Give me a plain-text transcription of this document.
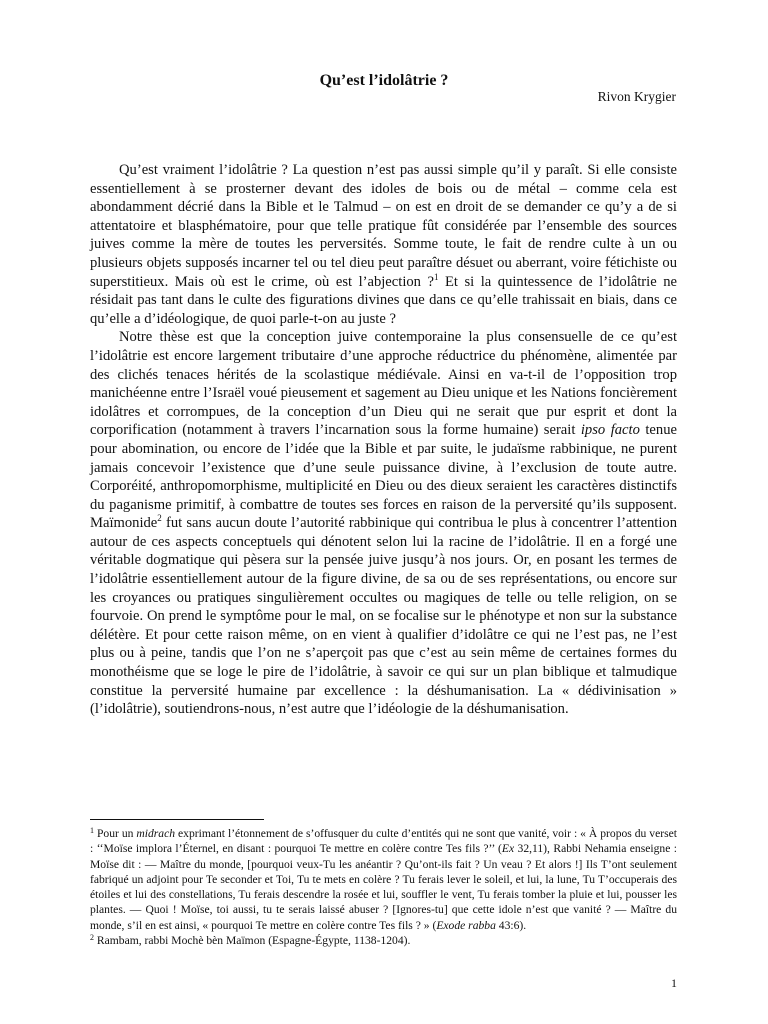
Qu’est l’idolâtrie ?
Rivon Krygier

Qu’est vraiment l’idolâtrie ? La question n’est pas aussi simple qu’il y paraît. Si elle consiste essentiellement à se prosterner devant des idoles de bois ou de métal – comme cela est abondamment décrié dans la Bible et le Talmud – on est en droit de se demander ce qu’y a de si attentatoire et blasphématoire, pour que telle pratique fût considérée par l’ensemble des sources juives comme la mère de toutes les perversités. Somme toute, le fait de rendre culte à un ou plusieurs objets supposés incarner tel ou tel dieu peut paraître désuet ou aberrant, voire fétichiste ou superstitieux. Mais où est le crime, où est l’abjection ?$^1$ Et si la quintessence de l’idolâtrie ne résidait pas tant dans le culte des figurations divines que dans ce qu’elle trahissait en biais, dans ce qu’elle a d’idéologique, de quoi parle-t-on au juste ?

Notre thèse est que la conception juive contemporaine la plus consensuelle de ce qu’est l’idolâtrie est encore largement tributaire d’une approche réductrice du phénomène, alimentée par des clichés tenaces hérités de la scolastique médiévale. Ainsi en va-t-il de l’opposition trop manichéenne entre l’Israël voué pieusement et sagement au Dieu unique et les Nations foncièrement idolâtres et corrompues, de la conception d’un Dieu qui ne serait que pur esprit et dont la corporification (notamment à travers l’incarnation sous la forme humaine) serait ipso facto tenue pour abomination, ou encore de l’idée que la Bible et par suite, le judaïsme rabbinique, ne purent jamais concevoir l’existence que d’une seule puissance divine, à l’exclusion de toute autre. Corporéité, anthropomorphisme, multiplicité en Dieu ou des dieux seraient les caractères distinctifs du paganisme primitif, à combattre de toutes ses forces en raison de la perversité qu’ils supposent. Maïmonide$^2$ fut sans aucun doute l’autorité rabbinique qui contribua le plus à concentrer l’attention autour de ces aspects conceptuels qui dénotent selon lui la racine de l’idolâtrie. Il en a forgé une véritable dogmatique qui pèsera sur la pensée juive jusqu’à nos jours. Or, en posant les termes de l’idolâtrie essentiellement autour de la figure divine, de sa ou de ses représentations, ou encore sur les croyances ou pratiques singulièrement occultes ou magiques de telle ou telle religion, on se fourvoie. On prend le symptôme pour le mal, on se focalise sur le phénotype et non sur la substance délétère. Et pour cette raison même, on en vient à qualifier d’idolâtre ce qui ne l’est pas, ne l’est plus ou à peine, tandis que l’on ne s’aperçoit pas que c’est au sein même de certaines formes du monothéisme que se loge le pire de l’idolâtrie, à savoir ce qui sur un plan biblique et talmudique constitue la perversité humaine par excellence : la déshumanisation. La « dédivinisation » (l’idolâtrie), soutiendrons-nous, n’est autre que l’idéologie de la déshumanisation.

$^1$ Pour un midrach exprimant l’étonnement de s’offusquer du culte d’entités qui ne sont que vanité, voir : « À propos du verset : ‘‘Moïse implora l’Éternel, en disant : pourquoi Te mettre en colère contre Tes fils ?’’ (Ex 32,11), Rabbi Nehamia enseigne : Moïse dit : — Maître du monde, [pourquoi veux-Tu les anéantir ? Qu’ont-ils fait ? Un veau ? Et alors !] Ils T’ont seulement fabriqué un adjoint pour Te seconder et Toi, Tu te mets en colère ? Tu ferais lever le soleil, et lui, la lune, Tu T’occuperais des étoiles et lui des constellations, Tu ferais descendre la rosée et lui, souffler le vent, Tu ferais tomber la pluie et lui, pousser les plantes. — Quoi ! Moïse, toi aussi, tu te serais laissé abuser ? [Ignores-tu] que cette idole n’est que vanité ? — Maître du monde, s’il en est ainsi, « pourquoi Te mettre en colère contre Tes fils ? » (Exode rabba 43:6).

$^2$ Rambam, rabbi Mochè bèn Maïmon (Espagne-Égypte, 1138-1204).

1
